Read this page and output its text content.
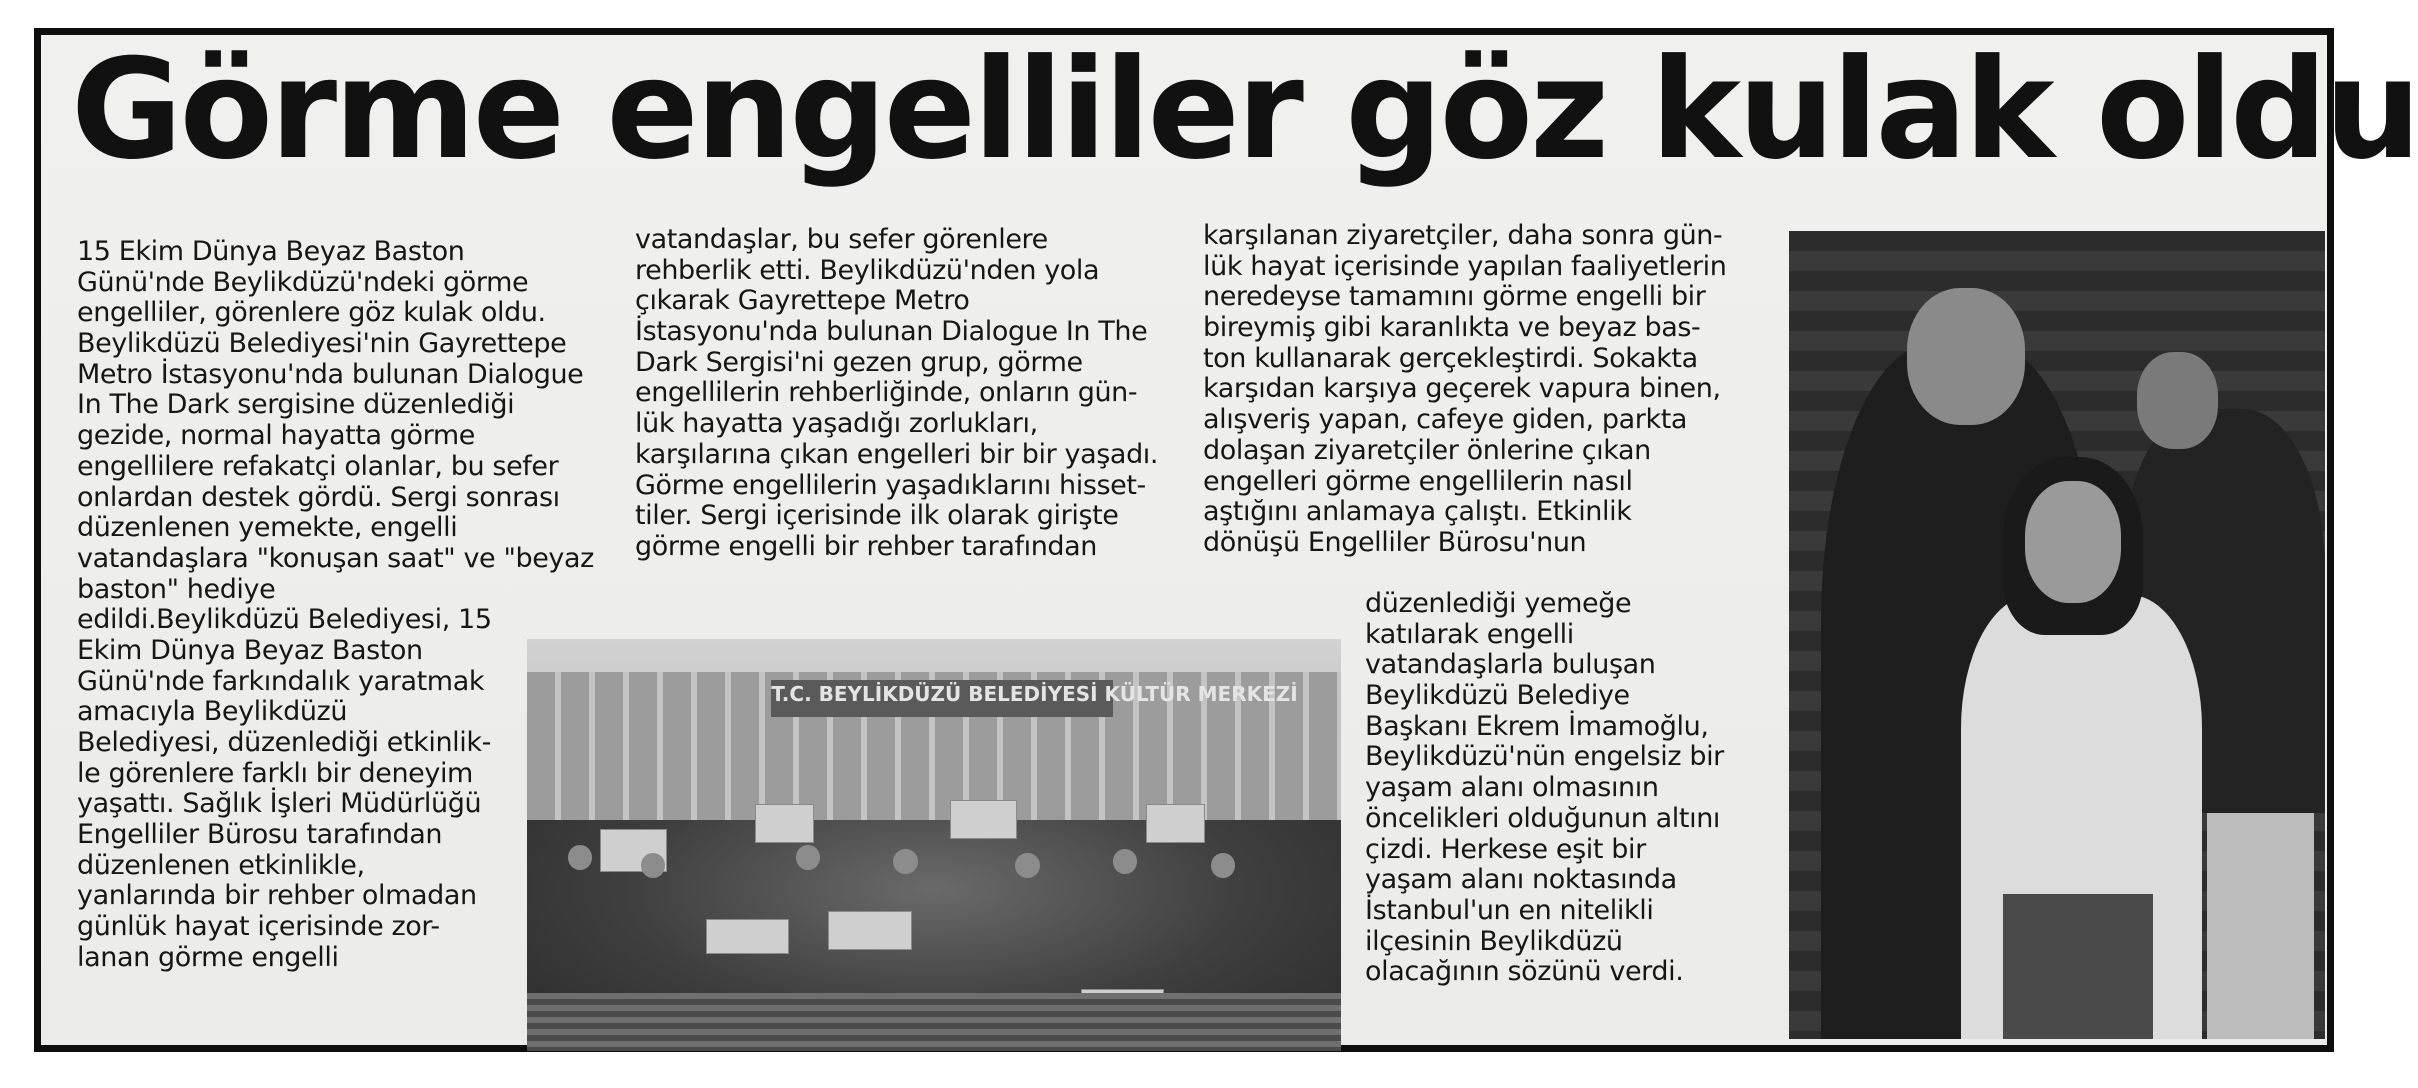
Görme engelliler göz kulak oldu
15 Ekim Dünya Beyaz Baston
Günü'nde Beylikdüzü'ndeki görme
engelliler, görenlere göz kulak oldu.
Beylikdüzü Belediyesi'nin Gayrettepe
Metro İstasyonu'nda bulunan Dialogue
In The Dark sergisine düzenlediği
gezide, normal hayatta görme
engellilere refakatçi olanlar, bu sefer
onlardan destek gördü. Sergi sonrası
düzenlenen yemekte, engelli
vatandaşlara "konuşan saat" ve "beyaz
baston" hediye
edildi.Beylikdüzü Belediyesi, 15
Ekim Dünya Beyaz Baston
Günü'nde farkındalık yaratmak
amacıyla Beylikdüzü
Belediyesi, düzenlediği etkinlik-
le görenlere farklı bir deneyim
yaşattı. Sağlık İşleri Müdürlüğü
Engelliler Bürosu tarafından
düzenlenen etkinlikle,
yanlarında bir rehber olmadan
günlük hayat içerisinde zor-
lanan görme engelli
vatandaşlar, bu sefer görenlere
rehberlik etti. Beylikdüzü'nden yola
çıkarak Gayrettepe Metro
İstasyonu'nda bulunan Dialogue In The
Dark Sergisi'ni gezen grup, görme
engellilerin rehberliğinde, onların gün-
lük hayatta yaşadığı zorlukları,
karşılarına çıkan engelleri bir bir yaşadı.
Görme engellilerin yaşadıklarını hisset-
tiler. Sergi içerisinde ilk olarak girişte
görme engelli bir rehber tarafından
karşılanan ziyaretçiler, daha sonra gün-
lük hayat içerisinde yapılan faaliyetlerin
neredeyse tamamını görme engelli bir
bireymiş gibi karanlıkta ve beyaz bas-
ton kullanarak gerçekleştirdi. Sokakta
karşıdan karşıya geçerek vapura binen,
alışveriş yapan, cafeye giden, parkta
dolaşan ziyaretçiler önlerine çıkan
engelleri görme engellilerin nasıl
aştığını anlamaya çalıştı. Etkinlik
dönüşü Engelliler Bürosu'nun
düzenlediği yemeğe
katılarak engelli
vatandaşlarla buluşan
Beylikdüzü Belediye
Başkanı Ekrem İmamoğlu,
Beylikdüzü'nün engelsiz bir
yaşam alanı olmasının
öncelikleri olduğunun altını
çizdi. Herkese eşit bir
yaşam alanı noktasında
İstanbul'un en nitelikli
ilçesinin Beylikdüzü
olacağının sözünü verdi.
T.C. BEYLİKDÜZÜ BELEDİYESİ KÜLTÜR MERKEZİ
